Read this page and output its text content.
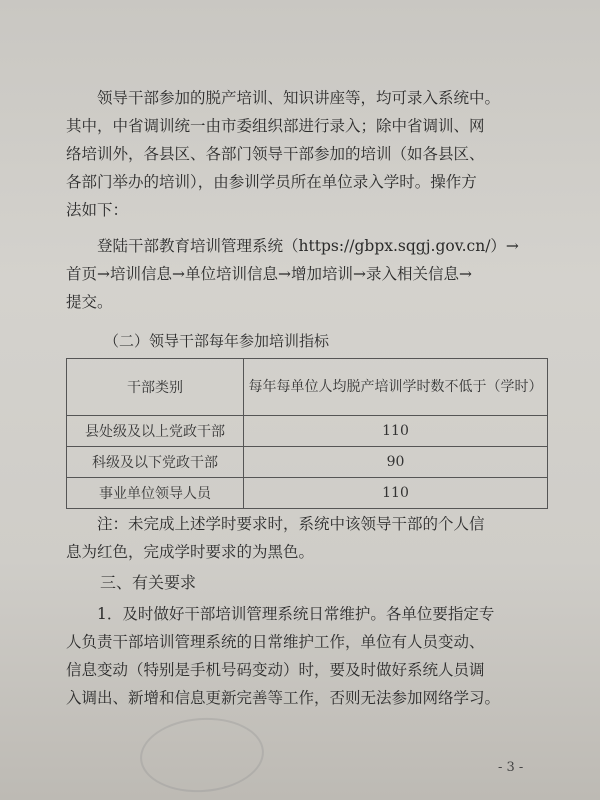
领导干部参加的脱产培训、知识讲座等，均可录入系统中。
其中，中省调训统一由市委组织部进行录入；除中省调训、网
络培训外，各县区、各部门领导干部参加的培训（如各县区、
各部门举办的培训），由参训学员所在单位录入学时。操作方
法如下：
登陆干部教育培训管理系统（https://gbpx.sqgj.gov.cn/）→
首页→培训信息→单位培训信息→增加培训→录入相关信息→
提交。

（二）领导干部每年参加培训指标

干部类别	每年每单位人均脱产培训学时数不低于（学时）
县处级及以上党政干部	110
科级及以下党政干部	90
事业单位领导人员	110
注：未完成上述学时要求时，系统中该领导干部的个人信
息为红色，完成学时要求的为黑色。

三、有关要求

1．及时做好干部培训管理系统日常维护。各单位要指定专
人负责干部培训管理系统的日常维护工作，单位有人员变动、
信息变动（特别是手机号码变动）时，要及时做好系统人员调
入调出、新增和信息更新完善等工作，否则无法参加网络学习。

- 3 -
